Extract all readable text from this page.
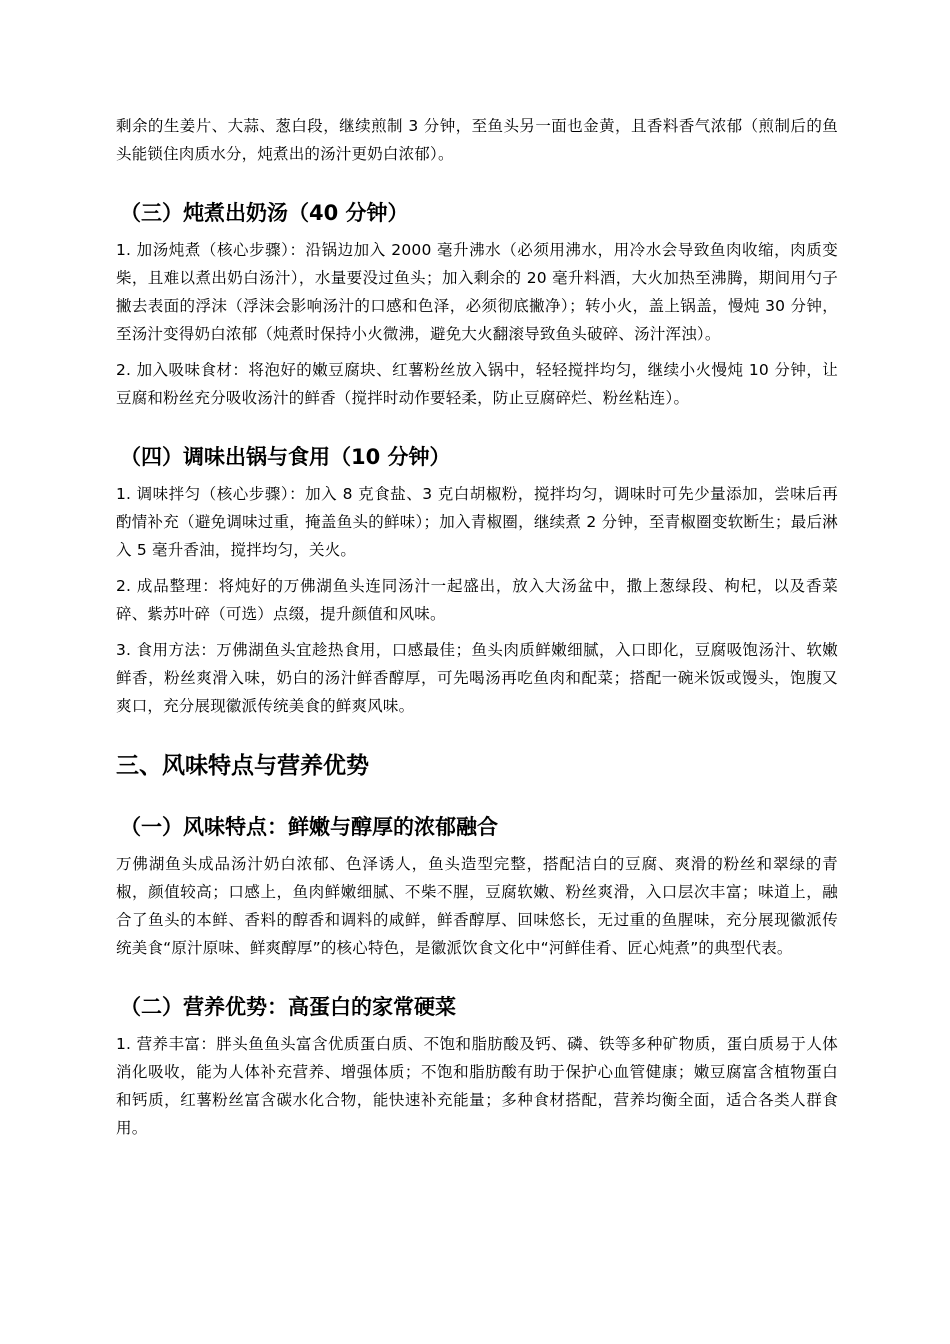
剩余的生姜片、大蒜、葱白段，继续煎制 3 分钟，至鱼头另一面也金黄，且香料香气浓郁（煎制后的鱼头能锁住肉质水分，炖煮出的汤汁更奶白浓郁）。

（三）炖煮出奶汤（40 分钟）

1. 加汤炖煮（核心步骤）：沿锅边加入 2000 毫升沸水（必须用沸水，用冷水会导致鱼肉收缩，肉质变柴，且难以煮出奶白汤汁），水量要没过鱼头；加入剩余的 20 毫升料酒，大火加热至沸腾，期间用勺子撇去表面的浮沫（浮沫会影响汤汁的口感和色泽，必须彻底撇净）；转小火，盖上锅盖，慢炖 30 分钟，至汤汁变得奶白浓郁（炖煮时保持小火微沸，避免大火翻滚导致鱼头破碎、汤汁浑浊）。

2. 加入吸味食材：将泡好的嫩豆腐块、红薯粉丝放入锅中，轻轻搅拌均匀，继续小火慢炖 10 分钟，让豆腐和粉丝充分吸收汤汁的鲜香（搅拌时动作要轻柔，防止豆腐碎烂、粉丝粘连）。

（四）调味出锅与食用（10 分钟）

1. 调味拌匀（核心步骤）：加入 8 克食盐、3 克白胡椒粉，搅拌均匀，调味时可先少量添加，尝味后再酌情补充（避免调味过重，掩盖鱼头的鲜味）；加入青椒圈，继续煮 2 分钟，至青椒圈变软断生；最后淋入 5 毫升香油，搅拌均匀，关火。

2. 成品整理：将炖好的万佛湖鱼头连同汤汁一起盛出，放入大汤盆中，撒上葱绿段、枸杞，以及香菜碎、紫苏叶碎（可选）点缀，提升颜值和风味。

3. 食用方法：万佛湖鱼头宜趁热食用，口感最佳；鱼头肉质鲜嫩细腻，入口即化，豆腐吸饱汤汁、软嫩鲜香，粉丝爽滑入味，奶白的汤汁鲜香醇厚，可先喝汤再吃鱼肉和配菜；搭配一碗米饭或馒头，饱腹又爽口，充分展现徽派传统美食的鲜爽风味。

三、风味特点与营养优势
（一）风味特点：鲜嫩与醇厚的浓郁融合

万佛湖鱼头成品汤汁奶白浓郁、色泽诱人，鱼头造型完整，搭配洁白的豆腐、爽滑的粉丝和翠绿的青椒，颜值较高；口感上，鱼肉鲜嫩细腻、不柴不腥，豆腐软嫩、粉丝爽滑，入口层次丰富；味道上，融合了鱼头的本鲜、香料的醇香和调料的咸鲜，鲜香醇厚、回味悠长，无过重的鱼腥味，充分展现徽派传统美食“原汁原味、鲜爽醇厚”的核心特色，是徽派饮食文化中“河鲜佳肴、匠心炖煮”的典型代表。

（二）营养优势：高蛋白的家常硬菜

1. 营养丰富：胖头鱼鱼头富含优质蛋白质、不饱和脂肪酸及钙、磷、铁等多种矿物质，蛋白质易于人体消化吸收，能为人体补充营养、增强体质；不饱和脂肪酸有助于保护心血管健康；嫩豆腐富含植物蛋白和钙质，红薯粉丝富含碳水化合物，能快速补充能量；多种食材搭配，营养均衡全面，适合各类人群食用。
